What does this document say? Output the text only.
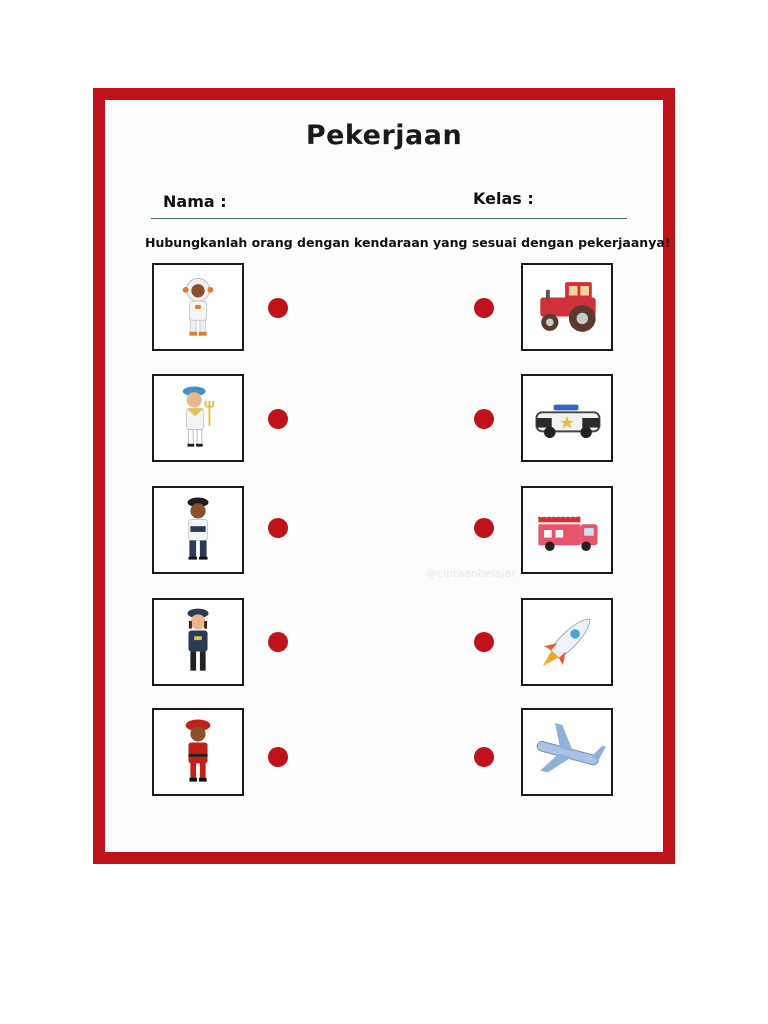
Pekerjaan
Nama :	Kelas :
Hubungkanlah orang dengan kendaraan yang sesuai dengan pekerjaanya!
@ciptaanbelajar
